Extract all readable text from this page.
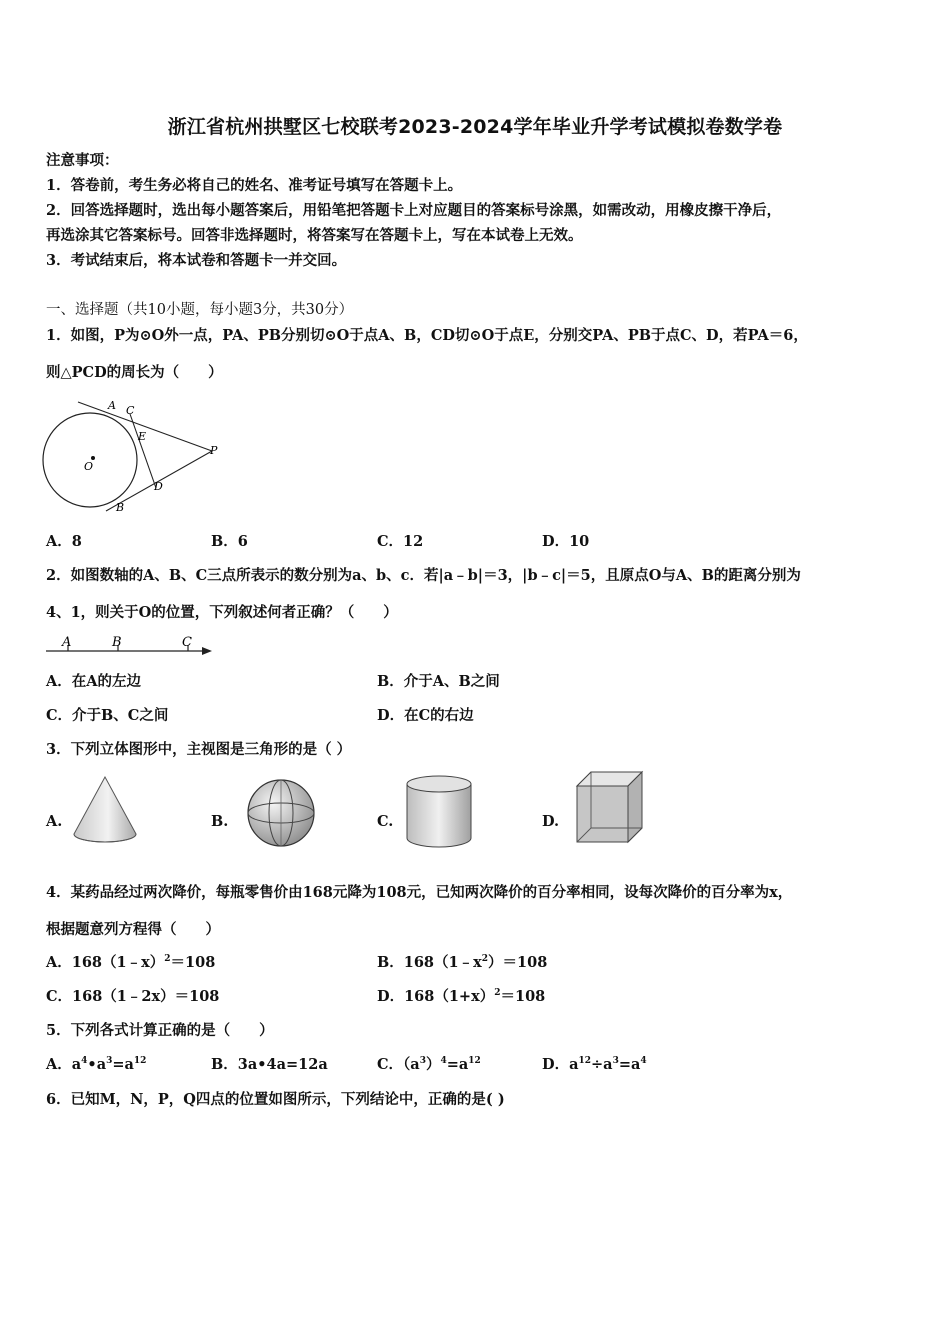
浙江省杭州拱墅区七校联考2023-2024学年毕业升学考试模拟卷数学卷
注意事项：
1．答卷前，考生务必将自己的姓名、准考证号填写在答题卡上。
2．回答选择题时，选出每小题答案后，用铅笔把答题卡上对应题目的答案标号涂黑，如需改动，用橡皮擦干净后，
再选涂其它答案标号。回答非选择题时，将答案写在答题卡上，写在本试卷上无效。
3．考试结束后，将本试卷和答题卡一并交回。
一、选择题（共10小题，每小题3分，共30分）
1．如图，P为⊙O外一点，PA、PB分别切⊙O于点A、B，CD切⊙O于点E，分别交PA、PB于点C、D，若PA＝6，
则△PCD的周长为（　　）
A C
E
P
O
D
B
A．8	B．6	C．12	D．10
2．如图数轴的A、B、C三点所表示的数分别为a、b、c．若|a﹣b|＝3，|b﹣c|＝5，且原点O与A、B的距离分别为
4、1，则关于O的位置，下列叙述何者正确？（　　）
A	B	C
A．在A的左边	B．介于A、B之间
C．介于B、C之间	D．在C的右边
3．下列立体图形中，主视图是三角形的是（ ）
A.	B.	C.	D.
4．某药品经过两次降价，每瓶零售价由168元降为108元，已知两次降价的百分率相同，设每次降价的百分率为x，
根据题意列方程得（　　）
A．168（1﹣x）$^2$＝108	B．$168(1﹣x^2)=108$
C．168（1﹣2x）＝108	D．$168(1+x)^2=108$
5．下列各式计算正确的是（　　）
A．$a^4•a^3=a^{12}$	B．3a•4a=12a	C．$(a^3)^4=a^{12}$	D．$a^{12}\div a^3=a^4$
6．已知M，N，P，Q四点的位置如图所示，下列结论中，正确的是( )
